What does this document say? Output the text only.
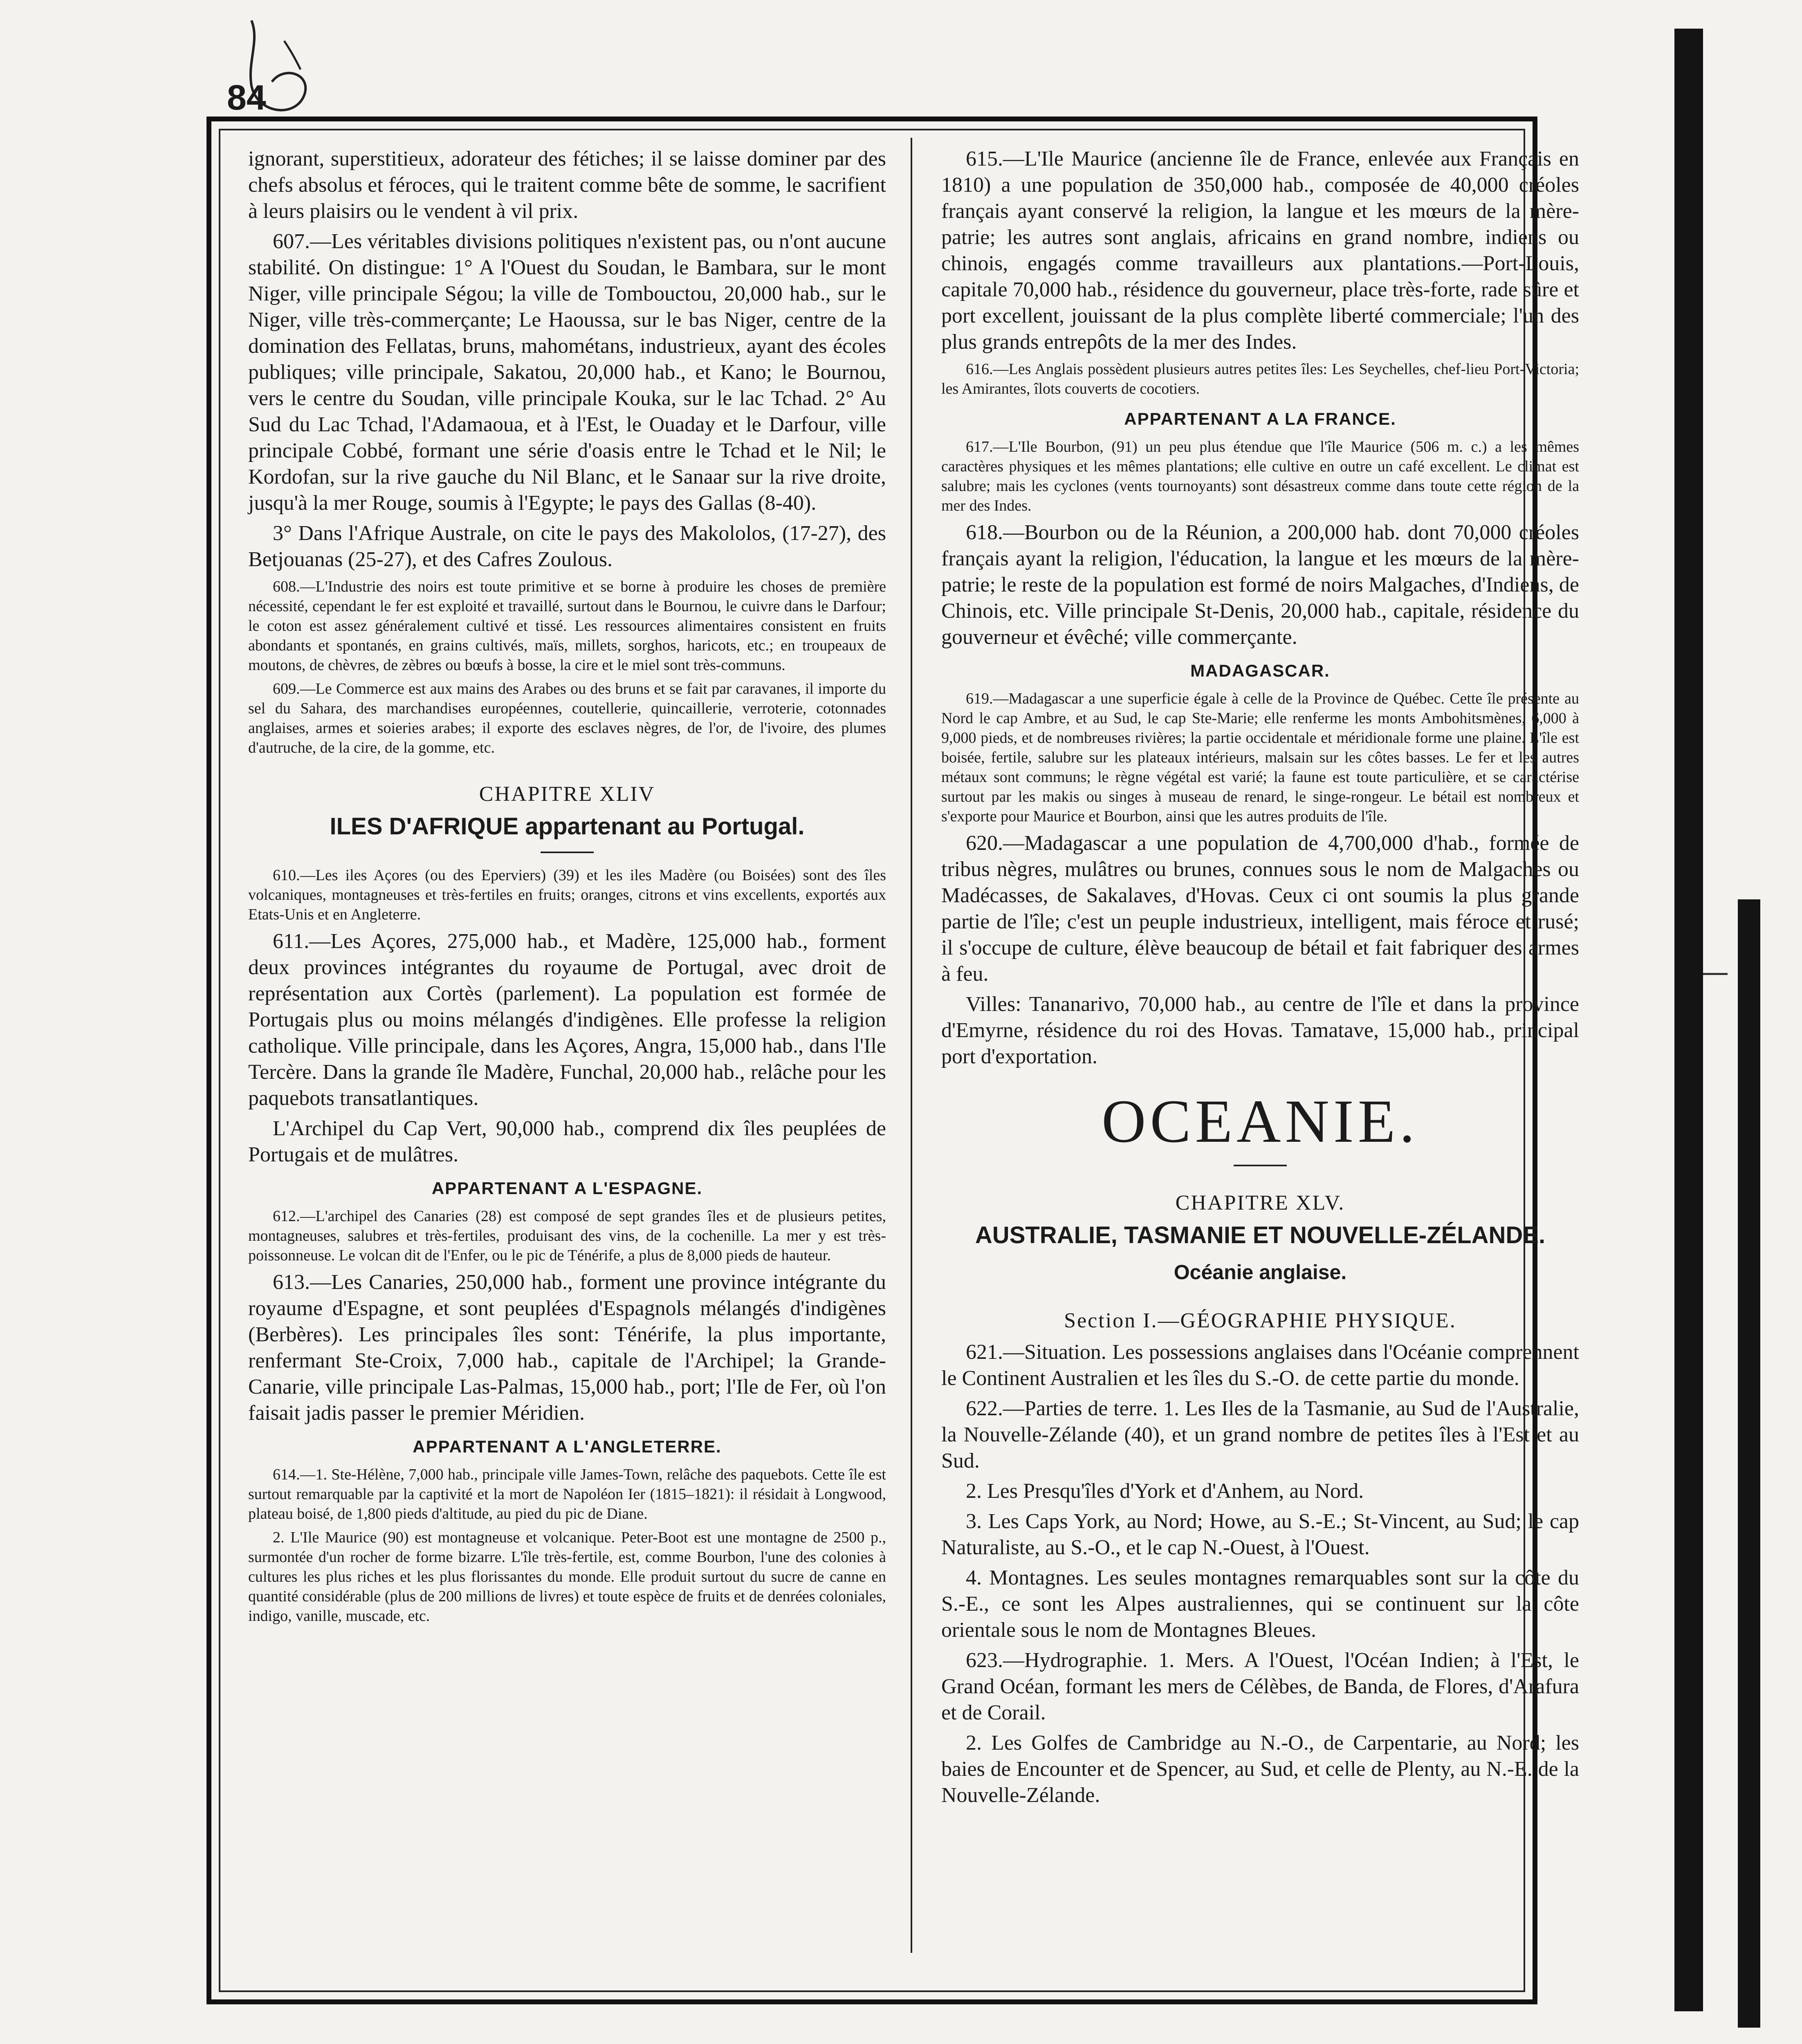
84

ignorant, superstitieux, adorateur des fétiches; il se laisse dominer par des chefs absolus et féroces, qui le traitent comme bête de somme, le sacrifient à leurs plaisirs ou le vendent à vil prix.

607.—Les véritables divisions politiques n'existent pas, ou n'ont aucune stabilité. On distingue: 1° A l'Ouest du Soudan, le Bambara, sur le mont Niger, ville principale Ségou; la ville de Tombouctou, 20,000 hab., sur le Niger, ville très-commerçante; Le Haoussa, sur le bas Niger, centre de la domination des Fellatas, bruns, mahométans, industrieux, ayant des écoles publiques; ville principale, Sakatou, 20,000 hab., et Kano; le Bournou, vers le centre du Soudan, ville principale Kouka, sur le lac Tchad. 2° Au Sud du Lac Tchad, l'Adamaoua, et à l'Est, le Ouaday et le Darfour, ville principale Cobbé, formant une série d'oasis entre le Tchad et le Nil; le Kordofan, sur la rive gauche du Nil Blanc, et le Sanaar sur la rive droite, jusqu'à la mer Rouge, soumis à l'Egypte; le pays des Gallas (8-40).

3° Dans l'Afrique Australe, on cite le pays des Makololos, (17-27), des Betjouanas (25-27), et des Cafres Zoulous.

608.—L'Industrie des noirs est toute primitive et se borne à produire les choses de première nécessité, cependant le fer est exploité et travaillé, surtout dans le Bournou, le cuivre dans le Darfour; le coton est assez généralement cultivé et tissé. Les ressources alimentaires consistent en fruits abondants et spontanés, en grains cultivés, maïs, millets, sorghos, haricots, etc.; en troupeaux de moutons, de chèvres, de zèbres ou bœufs à bosse, la cire et le miel sont très-communs.

609.—Le Commerce est aux mains des Arabes ou des bruns et se fait par caravanes, il importe du sel du Sahara, des marchandises européennes, coutellerie, quincaillerie, verroterie, cotonnades anglaises, armes et soieries arabes; il exporte des esclaves nègres, de l'or, de l'ivoire, des plumes d'autruche, de la cire, de la gomme, etc.

CHAPITRE XLIV

ILES D'AFRIQUE appartenant au Portugal.

610.—Les iles Açores (ou des Eperviers) (39) et les iles Madère (ou Boisées) sont des îles volcaniques, montagneuses et très-fertiles en fruits; oranges, citrons et vins excellents, exportés aux Etats-Unis et en Angleterre.

611.—Les Açores, 275,000 hab., et Madère, 125,000 hab., forment deux provinces intégrantes du royaume de Portugal, avec droit de représentation aux Cortès (parlement). La population est formée de Portugais plus ou moins mélangés d'indigènes. Elle professe la religion catholique. Ville principale, dans les Açores, Angra, 15,000 hab., dans l'Ile Tercère. Dans la grande île Madère, Funchal, 20,000 hab., relâche pour les paquebots transatlantiques.

L'Archipel du Cap Vert, 90,000 hab., comprend dix îles peuplées de Portugais et de mulâtres.

APPARTENANT A L'ESPAGNE.

612.—L'archipel des Canaries (28) est composé de sept grandes îles et de plusieurs petites, montagneuses, salubres et très-fertiles, produisant des vins, de la cochenille. La mer y est très-poissonneuse. Le volcan dit de l'Enfer, ou le pic de Ténérife, a plus de 8,000 pieds de hauteur.

613.—Les Canaries, 250,000 hab., forment une province intégrante du royaume d'Espagne, et sont peuplées d'Espagnols mélangés d'indigènes (Berbères). Les principales îles sont: Ténérife, la plus importante, renfermant Ste-Croix, 7,000 hab., capitale de l'Archipel; la Grande-Canarie, ville principale Las-Palmas, 15,000 hab., port; l'Ile de Fer, où l'on faisait jadis passer le premier Méridien.

APPARTENANT A L'ANGLETERRE.

614.—1. Ste-Hélène, 7,000 hab., principale ville James-Town, relâche des paquebots. Cette île est surtout remarquable par la captivité et la mort de Napoléon Ier (1815–1821): il résidait à Longwood, plateau boisé, de 1,800 pieds d'altitude, au pied du pic de Diane.

2. L'Ile Maurice (90) est montagneuse et volcanique. Peter-Boot est une montagne de 2500 p., surmontée d'un rocher de forme bizarre. L'île très-fertile, est, comme Bourbon, l'une des colonies à cultures les plus riches et les plus florissantes du monde. Elle produit surtout du sucre de canne en quantité considérable (plus de 200 millions de livres) et toute espèce de fruits et de denrées coloniales, indigo, vanille, muscade, etc.

615.—L'Ile Maurice (ancienne île de France, enlevée aux Français en 1810) a une population de 350,000 hab., composée de 40,000 créoles français ayant conservé la religion, la langue et les mœurs de la mère-patrie; les autres sont anglais, africains en grand nombre, indiens ou chinois, engagés comme travailleurs aux plantations.—Port-Louis, capitale 70,000 hab., résidence du gouverneur, place très-forte, rade sûre et port excellent, jouissant de la plus complète liberté commerciale; l'un des plus grands entrepôts de la mer des Indes.

616.—Les Anglais possèdent plusieurs autres petites îles: Les Seychelles, chef-lieu Port-Victoria; les Amirantes, îlots couverts de cocotiers.

APPARTENANT A LA FRANCE.

617.—L'Ile Bourbon, (91) un peu plus étendue que l'île Maurice (506 m. c.) a les mêmes caractères physiques et les mêmes plantations; elle cultive en outre un café excellent. Le climat est salubre; mais les cyclones (vents tournoyants) sont désastreux comme dans toute cette région de la mer des Indes.

618.—Bourbon ou de la Réunion, a 200,000 hab. dont 70,000 créoles français ayant la religion, l'éducation, la langue et les mœurs de la mère-patrie; le reste de la population est formé de noirs Malgaches, d'Indiens, de Chinois, etc. Ville principale St-Denis, 20,000 hab., capitale, résidence du gouverneur et évêché; ville commerçante.

MADAGASCAR.

619.—Madagascar a une superficie égale à celle de la Province de Québec. Cette île présente au Nord le cap Ambre, et au Sud, le cap Ste-Marie; elle renferme les monts Ambohitsmènes, 6,000 à 9,000 pieds, et de nombreuses rivières; la partie occidentale et méridionale forme une plaine. L'île est boisée, fertile, salubre sur les plateaux intérieurs, malsain sur les côtes basses. Le fer et les autres métaux sont communs; le règne végétal est varié; la faune est toute particulière, et se caractérise surtout par les makis ou singes à museau de renard, le singe-rongeur. Le bétail est nombreux et s'exporte pour Maurice et Bourbon, ainsi que les autres produits de l'île.

620.—Madagascar a une population de 4,700,000 d'hab., formée de tribus nègres, mulâtres ou brunes, connues sous le nom de Malgaches ou Madécasses, de Sakalaves, d'Hovas. Ceux ci ont soumis la plus grande partie de l'île; c'est un peuple industrieux, intelligent, mais féroce et rusé; il s'occupe de culture, élève beaucoup de bétail et fait fabriquer des armes à feu.

Villes: Tananarivo, 70,000 hab., au centre de l'île et dans la province d'Emyrne, résidence du roi des Hovas. Tamatave, 15,000 hab., principal port d'exportation.

OCEANIE.

CHAPITRE XLV.

AUSTRALIE, TASMANIE ET NOUVELLE-ZÉLANDE.

Océanie anglaise.

Section I.—GÉOGRAPHIE PHYSIQUE.

621.—Situation. Les possessions anglaises dans l'Océanie comprennent le Continent Australien et les îles du S.-O. de cette partie du monde.

622.—Parties de terre. 1. Les Iles de la Tasmanie, au Sud de l'Australie, la Nouvelle-Zélande (40), et un grand nombre de petites îles à l'Est et au Sud.

2. Les Presqu'îles d'York et d'Anhem, au Nord.

3. Les Caps York, au Nord; Howe, au S.-E.; St-Vincent, au Sud; le cap Naturaliste, au S.-O., et le cap N.-Ouest, à l'Ouest.

4. Montagnes. Les seules montagnes remarquables sont sur la côte du S.-E., ce sont les Alpes australiennes, qui se continuent sur la côte orientale sous le nom de Montagnes Bleues.

623.—Hydrographie. 1. Mers. A l'Ouest, l'Océan Indien; à l'Est, le Grand Océan, formant les mers de Célèbes, de Banda, de Flores, d'Arafura et de Corail.

2. Les Golfes de Cambridge au N.-O., de Carpentarie, au Nord; les baies de Encounter et de Spencer, au Sud, et celle de Plenty, au N.-E. de la Nouvelle-Zélande.
